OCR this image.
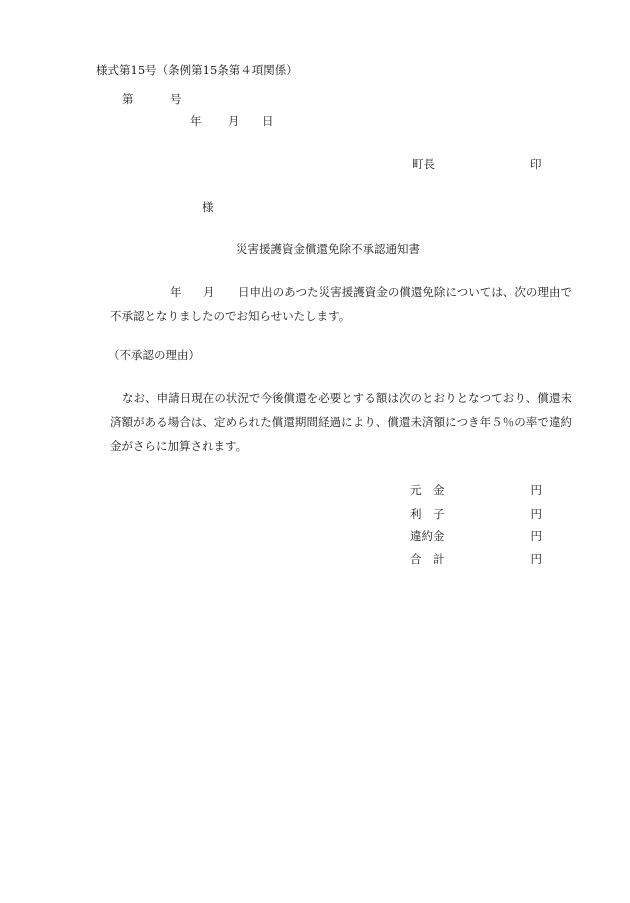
様式第15号（条例第15条第４項関係）
第	号
年 月 日
町長	印
様
災害援護資金償還免除不承認通知書
年 月	日申出のあつた災害援護資金の償還免除については、次の理由で不承認となりましたのでお知らせいたします。
（不承認の理由）
なお、申請日現在の状況で今後償還を必要とする額は次のとおりとなつており、償還未済額がある場合は、定められた償還期間経過により、償還未済額につき年５％の率で違約金がさらに加算されます。
元　金	円
利　子	円
違約金	円
合　計	円
